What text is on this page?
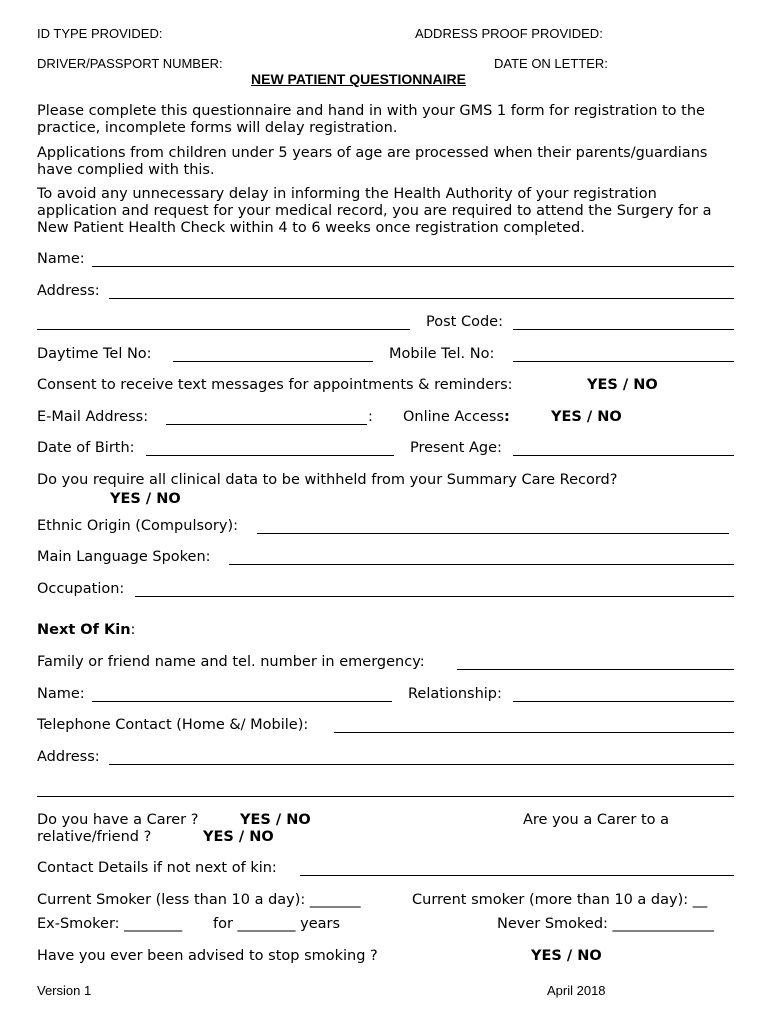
ID TYPE PROVIDED:	ADDRESS PROOF PROVIDED:
DRIVER/PASSPORT NUMBER:	DATE ON LETTER:
NEW PATIENT QUESTIONNAIRE
Please complete this questionnaire and hand in with your GMS 1 form for registration to the practice, incomplete forms will delay registration.
Applications from children under 5 years of age are processed when their parents/guardians have complied with this.
To avoid any unnecessary delay in informing the Health Authority of your registration application and request for your medical record, you are required to attend the Surgery for a New Patient Health Check within 4 to 6 weeks once registration completed.
Name:
Address:
Post Code:
Daytime Tel No:	Mobile Tel. No:
Consent to receive text messages for appointments & reminders:	YES / NO
E-Mail Address:	: Online Access:	YES / NO
Date of Birth:	Present Age:
Do you require all clinical data to be withheld from your Summary Care Record?
YES / NO
Ethnic Origin (Compulsory):
Main Language Spoken:
Occupation:
Next Of Kin:
Family or friend name and tel. number in emergency:
Name:	Relationship:
Telephone Contact (Home &/ Mobile):
Address:
Do you have a Carer ?	YES / NO	Are you a Carer to a
relative/friend ?	YES / NO
Contact Details if not next of kin:
Current Smoker (less than 10 a day): _______	Current smoker (more than 10 a day): __
Ex-Smoker: ________ for ________ years	Never Smoked: ______________
Have you ever been advised to stop smoking ?	YES / NO
Version 1	April 2018
